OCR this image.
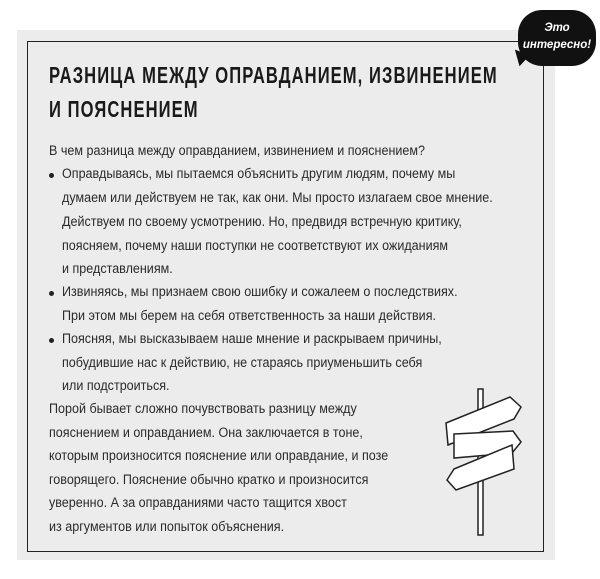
Это
интересно!
РАЗНИЦА МЕЖДУ ОПРАВДАНИЕМ, ИЗВИНЕНИЕМ
И ПОЯСНЕНИЕМ
В чем разница между оправданием, извинением и пояснением?
Оправдываясь, мы пытаемся объяснить другим людям, почему мы
думаем или действуем не так, как они. Мы просто излагаем свое мнение.
Действуем по своему усмотрению. Но, предвидя встречную критику,
поясняем, почему наши поступки не соответствуют их ожиданиям
и представлениям.
Извиняясь, мы признаем свою ошибку и сожалеем о последствиях.
При этом мы берем на себя ответственность за наши действия.
Поясняя, мы высказываем наше мнение и раскрываем причины,
побудившие нас к действию, не стараясь приуменьшить себя
или подстроиться.
Порой бывает сложно почувствовать разницу между
пояснением и оправданием. Она заключается в тоне,
которым произносится пояснение или оправдание, и позе
говорящего. Пояснение обычно кратко и произносится
уверенно. А за оправданиями часто тащится хвост
из аргументов или попыток объяснения.
